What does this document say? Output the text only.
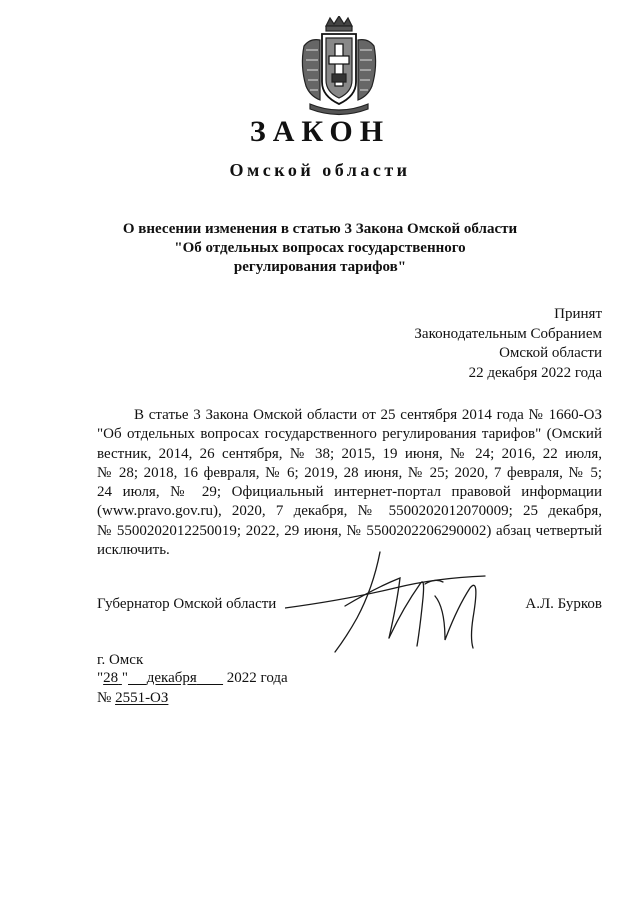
ЗАКОН
Омской области
О внесении изменения в статью 3 Закона Омской области
"Об отдельных вопросах государственного
регулирования тарифов"
Принят
Законодательным Собранием
Омской области
22 декабря 2022 года
В статье 3 Закона Омской области от 25 сентября 2014 года № 1660-ОЗ
"Об отдельных вопросах государственного регулирования тарифов" (Омский
вестник, 2014, 26 сентября, № 38; 2015, 19 июня, № 24; 2016, 22 июля,
№ 28; 2018, 16 февраля, № 6; 2019, 28 июня, № 25; 2020, 7 февраля, № 5;
24 июля, № 29; Официальный интернет-портал правовой информации
(www.pravo.gov.ru), 2020, 7 декабря, № 5500202012070009; 25 декабря,
№ 5500202012250019; 2022, 29 июня, № 5500202206290002) абзац четвертый
исключить.
Губернатор Омской области	А.Л. Бурков
г. Омск
"28 " декабря 2022 года
№ 2551-ОЗ
